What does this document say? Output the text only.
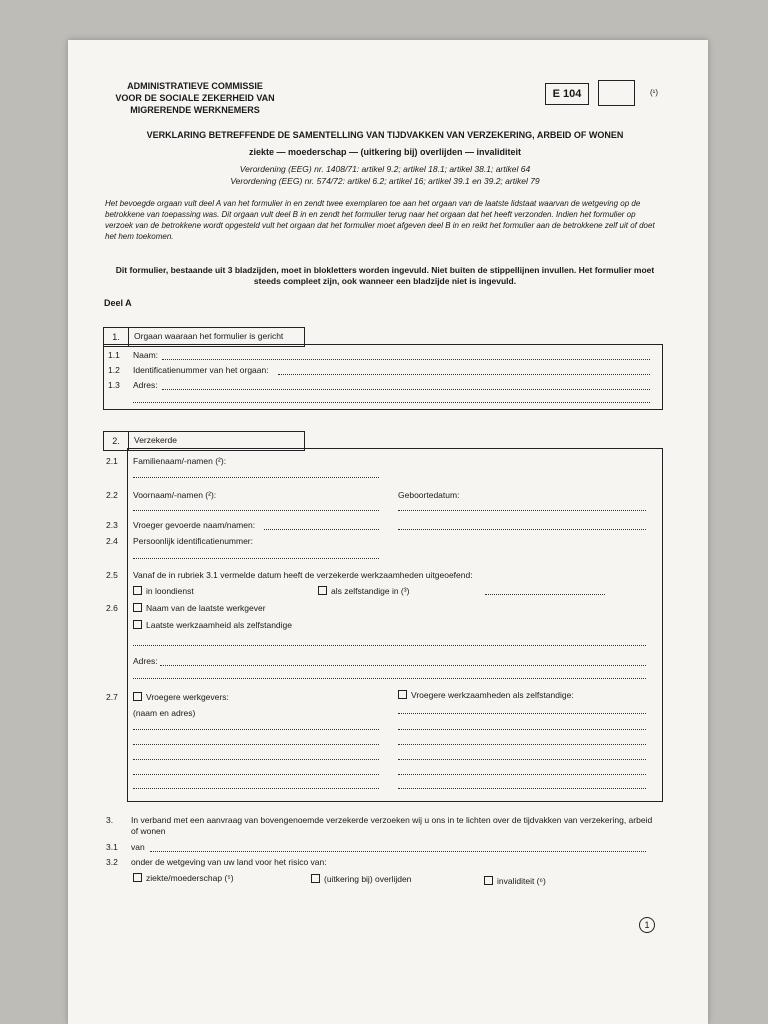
ADMINISTRATIEVE COMMISSIE
VOOR DE SOCIALE ZEKERHEID VAN
MIGRERENDE WERKNEMERS
E 104	(¹)
VERKLARING BETREFFENDE DE SAMENTELLING VAN TIJDVAKKEN VAN VERZEKERING, ARBEID OF WONEN
ziekte — moederschap — (uitkering bij) overlijden — invaliditeit
Verordening (EEG) nr. 1408/71: artikel 9.2; artikel 18.1; artikel 38.1; artikel 64
Verordening (EEG) nr. 574/72: artikel 6.2; artikel 16; artikel 39.1 en 39.2; artikel 79
Het bevoegde orgaan vult deel A van het formulier in en zendt twee exemplaren toe aan het orgaan van de laatste lidstaat waarvan de wetgeving op de betrokkene van toepassing was. Dit orgaan vult deel B in en zendt het formulier terug naar het orgaan dat het heeft verzonden. Indien het formulier op verzoek van de betrokkene wordt opgesteld vult het orgaan dat het formulier moet afgeven deel B in en reikt het formulier aan de betrokkene zelf uit of doet het hem toekomen.
Dit formulier, bestaande uit 3 bladzijden, moet in blokletters worden ingevuld. Niet buiten de stippellijnen invullen. Het formulier moet steeds compleet zijn, ook wanneer een bladzijde niet is ingevuld.
Deel A
1.	Orgaan waaraan het formulier is gericht
1.1 Naam:
1.2 Identificatienummer van het orgaan:
1.3 Adres:
2.	Verzekerde
2.1 Familienaam/-namen (²):
2.2 Voornaam/-namen (²):	Geboortedatum:
2.3 Vroeger gevoerde naam/namen:
2.4 Persoonlijk identificatienummer:
2.5 Vanaf de in rubriek 3.1 vermelde datum heeft de verzekerde werkzaamheden uitgeoefend:
in loondienst	als zelfstandige in (³)
2.6	Naam van de laatste werkgever
Laatste werkzaamheid als zelfstandige
Adres:
2.7	Vroegere werkgevers:
(naam en adres)
Vroegere werkzaamheden als zelfstandige:
3. In verband met een aanvraag van bovengenoemde verzekerde verzoeken wij u ons in te lichten over de tijdvakken van verzekering, arbeid of wonen
3.1 van
3.2 onder de wetgeving van uw land voor het risico van:
ziekte/moederschap (⁵)	(uitkering bij) overlijden	invaliditeit (⁶)
1
